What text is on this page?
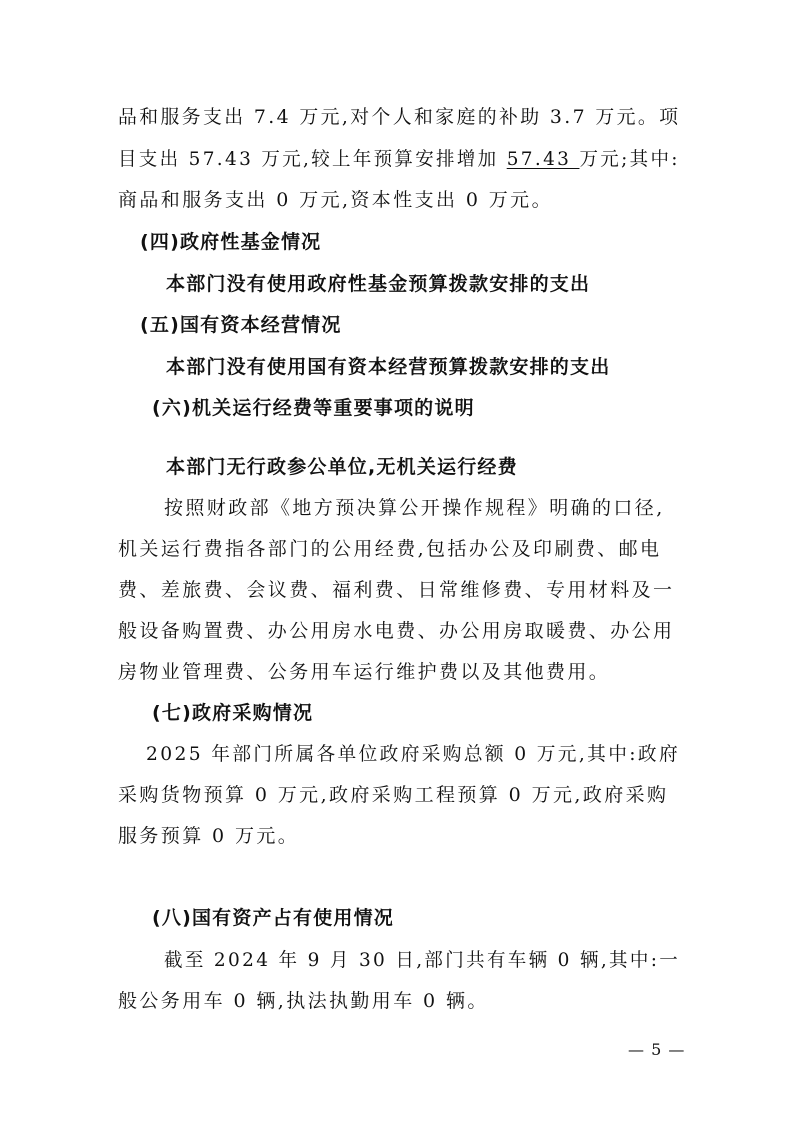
品和服务支出 7.4 万元,对个人和家庭的补助 3.7 万元。项
目支出 57.43 万元,较上年预算安排增加 57.43 万元;其中:
商品和服务支出 0 万元,资本性支出 0 万元。
(四)政府性基金情况
本部门没有使用政府性基金预算拨款安排的支出
(五)国有资本经营情况
本部门没有使用国有资本经营预算拨款安排的支出
(六)机关运行经费等重要事项的说明
本部门无行政参公单位,无机关运行经费
按照财政部《地方预决算公开操作规程》明确的口径,
机关运行费指各部门的公用经费,包括办公及印刷费、邮电
费、差旅费、会议费、福利费、日常维修费、专用材料及一
般设备购置费、办公用房水电费、办公用房取暖费、办公用
房物业管理费、公务用车运行维护费以及其他费用。
(七)政府采购情况
2025 年部门所属各单位政府采购总额 0 万元,其中:政府
采购货物预算 0 万元,政府采购工程预算 0 万元,政府采购
服务预算 0 万元。
(八)国有资产占有使用情况
截至 2024 年 9 月 30 日,部门共有车辆 0 辆,其中:一
般公务用车 0 辆,执法执勤用车 0 辆。
— 5 —
